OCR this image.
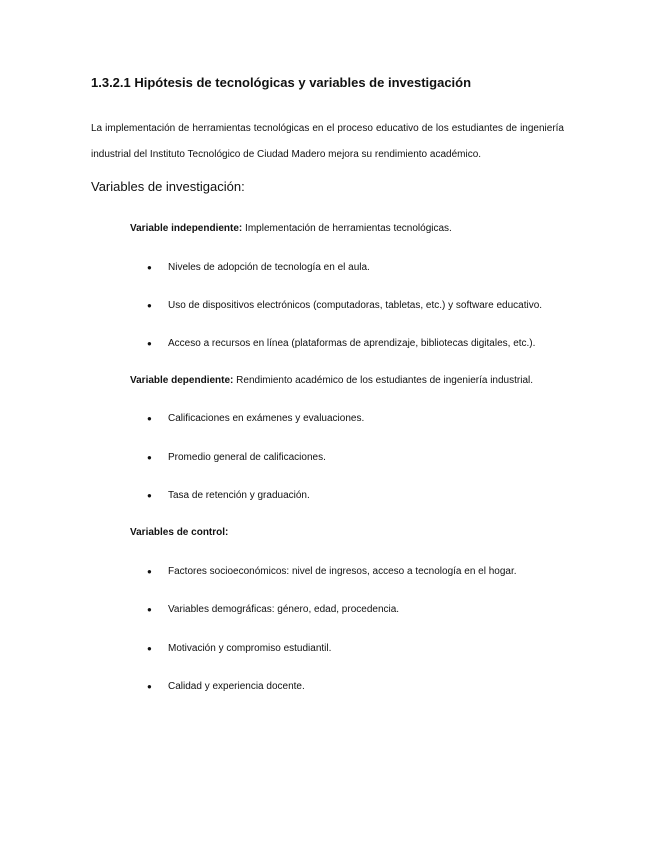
1.3.2.1 Hipótesis de tecnológicas y variables de investigación

La implementación de herramientas tecnológicas en el proceso educativo de los estudiantes de ingeniería industrial del Instituto Tecnológico de Ciudad Madero mejora su rendimiento académico.

Variables de investigación:

Variable independiente: Implementación de herramientas tecnológicas.

● Niveles de adopción de tecnología en el aula.

● Uso de dispositivos electrónicos (computadoras, tabletas, etc.) y software educativo.

● Acceso a recursos en línea (plataformas de aprendizaje, bibliotecas digitales, etc.).

Variable dependiente: Rendimiento académico de los estudiantes de ingeniería industrial.

● Calificaciones en exámenes y evaluaciones.

● Promedio general de calificaciones.

● Tasa de retención y graduación.

Variables de control:

● Factores socioeconómicos: nivel de ingresos, acceso a tecnología en el hogar.

● Variables demográficas: género, edad, procedencia.

● Motivación y compromiso estudiantil.

● Calidad y experiencia docente.
